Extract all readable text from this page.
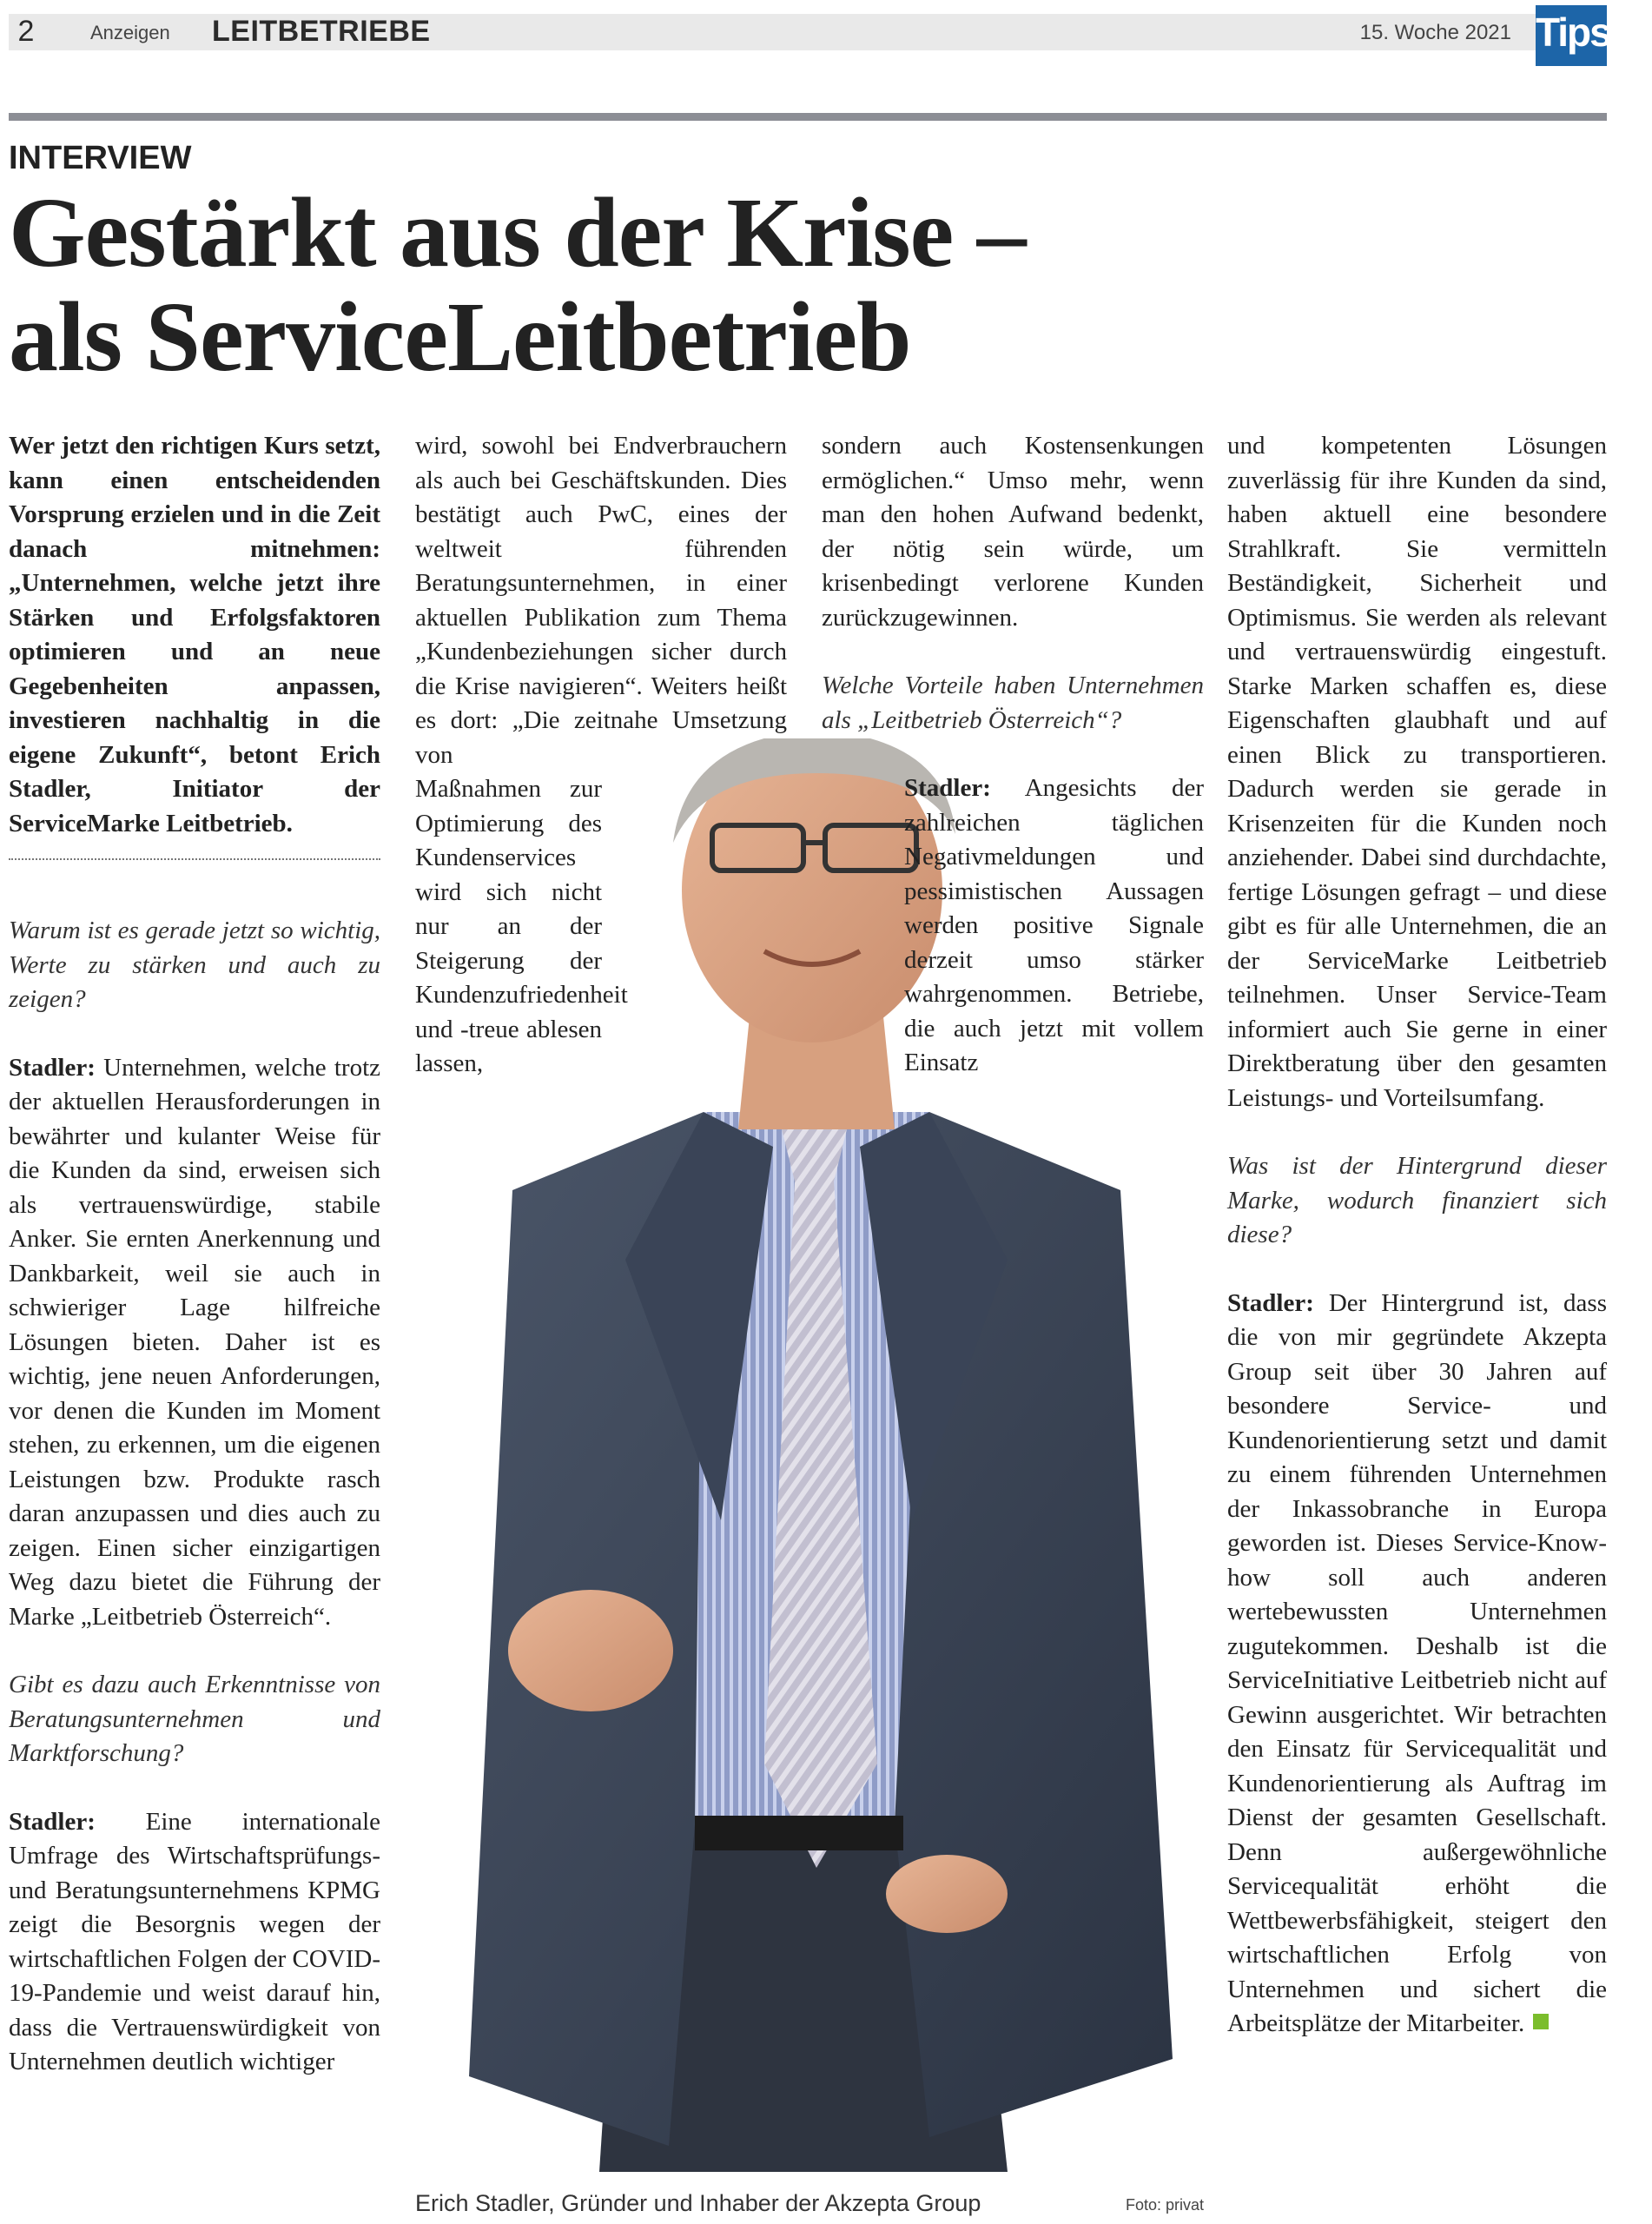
2	Anzeigen LEITBETRIEBE	15. Woche 2021 Tips
INTERVIEW
Gestärkt aus der Krise –
als ServiceLeitbetrieb

Wer jetzt den richtigen Kurs setzt, kann einen entscheidenden Vorsprung erzielen und in die Zeit danach mitnehmen: „Unternehmen, welche jetzt ihre Stärken und Erfolgsfaktoren optimieren und an neue Gegebenheiten anpassen, investieren nachhaltig in die eigene Zukunft“, betont Erich Stadler, Initiator der ServiceMarke Leitbetrieb.

Warum ist es gerade jetzt so wichtig, Werte zu stärken und auch zu zeigen?

Stadler: Unternehmen, welche trotz der aktuellen Herausforderungen in bewährter und kulanter Weise für die Kunden da sind, erweisen sich als vertrauenswürdige, stabile Anker. Sie ernten Anerkennung und Dankbarkeit, weil sie auch in schwieriger Lage hilfreiche Lösungen bieten. Daher ist es wichtig, jene neuen Anforderungen, vor denen die Kunden im Moment stehen, zu erkennen, um die eigenen Leistungen bzw. Produkte rasch daran anzupassen und dies auch zu zeigen. Einen sicher einzigartigen Weg dazu bietet die Führung der Marke „Leitbetrieb Österreich“.

Gibt es dazu auch Erkenntnisse von Beratungsunternehmen und Marktforschung?

Stadler: Eine internationale Umfrage des Wirtschaftsprüfungs- und Beratungsunternehmens KPMG zeigt die Besorgnis wegen der wirtschaftlichen Folgen der COVID-19-Pandemie und weist darauf hin, dass die Vertrauenswürdigkeit von Unternehmen deutlich wichtiger

wird, sowohl bei Endverbrauchern als auch bei Geschäftskunden. Dies bestätigt auch PwC, eines der weltweit führenden Beratungsunternehmen, in einer aktuellen Publikation zum Thema „Kundenbeziehungen sicher durch die Krise navigieren“. Weiters heißt es dort: „Die zeitnahe Umsetzung von

Maßnahmen zur Optimierung des Kundenservices wird sich nicht nur an der Steigerung der Kundenzufriedenheit und -treue ablesen lassen,

sondern auch Kostensenkungen ermöglichen.“ Umso mehr, wenn man den hohen Aufwand bedenkt, der nötig sein würde, um krisenbedingt verlorene Kunden zurückzugewinnen.

Welche Vorteile haben Unternehmen als „Leitbetrieb Österreich“?

Stadler: Angesichts der zahlreichen täglichen Negativmeldungen und pessimistischen Aussagen werden positive Signale derzeit umso stärker wahrgenommen. Betriebe, die auch jetzt mit vollem Einsatz

und kompetenten Lösungen zuverlässig für ihre Kunden da sind, haben aktuell eine besondere Strahlkraft. Sie vermitteln Beständigkeit, Sicherheit und Optimismus. Sie werden als relevant und vertrauenswürdig eingestuft. Starke Marken schaffen es, diese Eigenschaften glaubhaft und auf einen Blick zu transportieren. Dadurch werden sie gerade in Krisenzeiten für die Kunden noch anziehender. Dabei sind durchdachte, fertige Lösungen gefragt – und diese gibt es für alle Unternehmen, die an der ServiceMarke Leitbetrieb teilnehmen. Unser Service-Team informiert auch Sie gerne in einer Direktberatung über den gesamten Leistungs- und Vorteilsumfang.

Was ist der Hintergrund dieser Marke, wodurch finanziert sich diese?

Stadler: Der Hintergrund ist, dass die von mir gegründete Akzepta Group seit über 30 Jahren auf besondere Service- und Kundenorientierung setzt und damit zu einem führenden Unternehmen der Inkassobranche in Europa geworden ist. Dieses Service-Know-how soll auch anderen wertebewussten Unternehmen zugutekommen. Deshalb ist die ServiceInitiative Leitbetrieb nicht auf Gewinn ausgerichtet. Wir betrachten den Einsatz für Servicequalität und Kundenorientierung als Auftrag im Dienst der gesamten Gesellschaft. Denn außergewöhnliche Servicequalität erhöht die Wettbewerbsfähigkeit, steigert den wirtschaftlichen Erfolg von Unternehmen und sichert die Arbeitsplätze der Mitarbeiter.

Erich Stadler, Gründer und Inhaber der Akzepta Group	Foto: privat
